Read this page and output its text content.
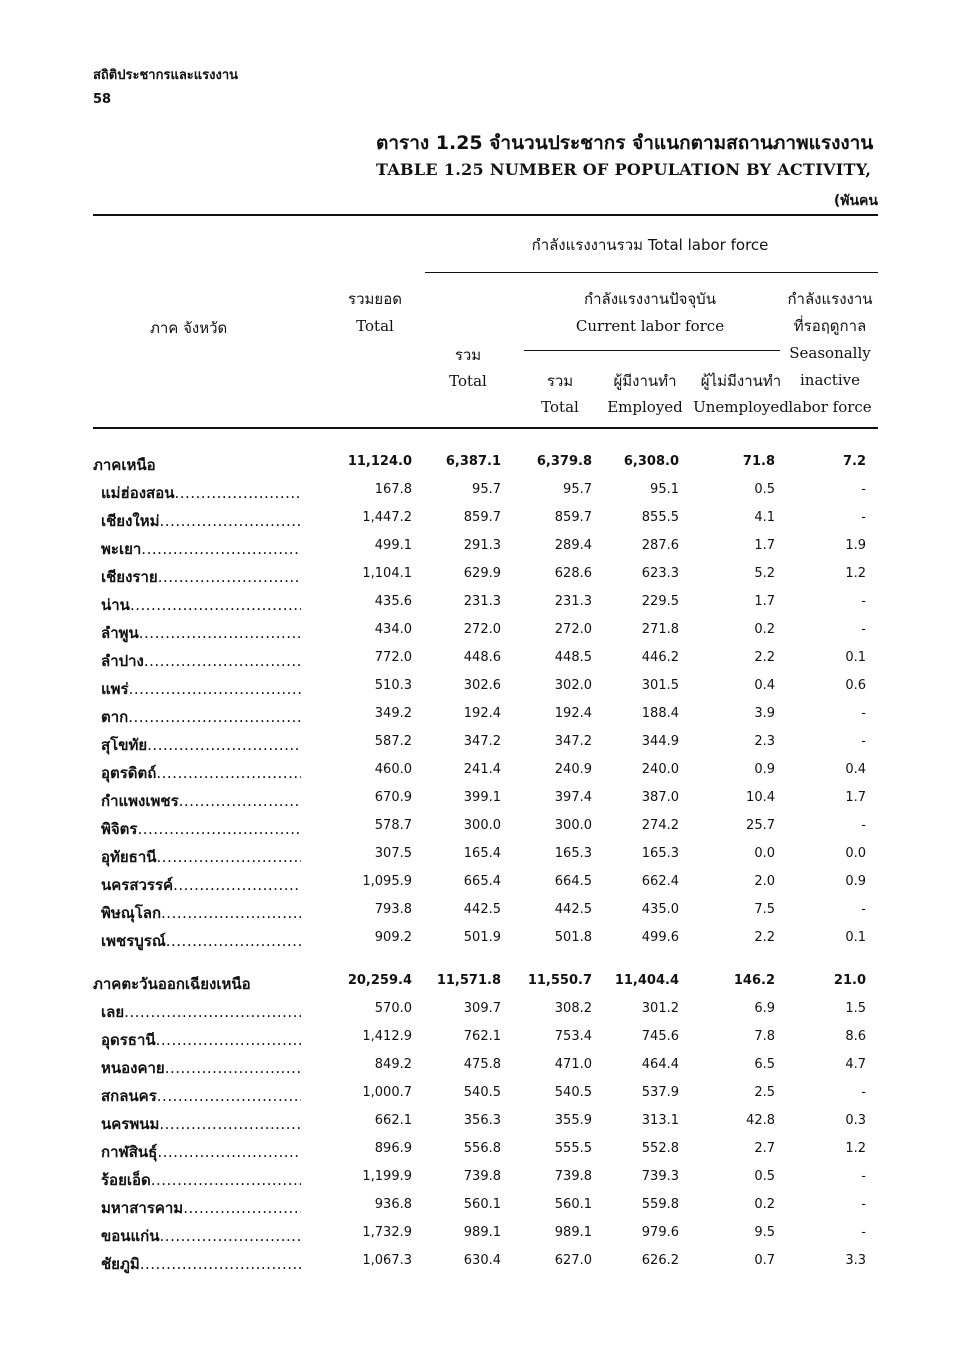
สถิติประชากรและแรงงาน
58
ตาราง 1.25 จำนวนประชากร จำแนกตามสถานภาพแรงงาน
TABLE 1.25 NUMBER OF POPULATION BY ACTIVITY,
(พันคน
ภาค จังหวัด
รวมยอด
Total
กำลังแรงงานรวม Total labor force
รวม
Total
กำลังแรงงานปัจจุบัน
Current labor force
รวม
Total
ผู้มีงานทำ
Employed
ผู้ไม่มีงานทำ
Unemployed
กำลังแรงงาน
ที่รอฤดูกาล
Seasonally
inactive
labor force
ภาคเหนือ	11,124.0	6,387.1	6,379.8 6,308.0	71.8	7.2
แม่ฮ่องสอน .....	167.8	95.7	95.7	95.1	0.5	-
เชียงใหม่ .....	1,447.2	859.7	859.7	855.5	4.1	-
พะเยา .....	499.1	291.3	289.4	287.6	1.7	1.9
เชียงราย .....	1,104.1	629.9	628.6	623.3	5.2	1.2
น่าน .....	435.6	231.3	231.3	229.5	1.7	-
ลำพูน .....	434.0	272.0	272.0	271.8	0.2	-
ลำปาง .....	772.0	448.6	448.5	446.2	2.2	0.1
แพร่ .....	510.3	302.6	302.0	301.5	0.4	0.6
ตาก .....	349.2	192.4	192.4	188.4	3.9	-
สุโขทัย .....	587.2	347.2	347.2	344.9	2.3	-
อุตรดิตถ์ .....	460.0	241.4	240.9	240.0	0.9	0.4
กำแพงเพชร .....	670.9	399.1	397.4	387.0	10.4	1.7
พิจิตร .....	578.7	300.0	300.0	274.2	25.7	-
อุทัยธานี .....	307.5	165.4	165.3	165.3	0.0	0.0
นครสวรรค์ .....	1,095.9	665.4	664.5	662.4	2.0	0.9
พิษณุโลก .....	793.8	442.5	442.5	435.0	7.5	-
เพชรบูรณ์ .....	909.2	501.9	501.8	499.6	2.2	0.1
ภาคตะวันออกเฉียงเหนือ	20,259.4 11,571.8 11,550.7 11,404.4	146.2	21.0
เลย .....	570.0	309.7	308.2	301.2	6.9	1.5
อุดรธานี .....	1,412.9	762.1	753.4	745.6	7.8	8.6
หนองคาย .....	849.2	475.8	471.0	464.4	6.5	4.7
สกลนคร .....	1,000.7	540.5	540.5	537.9	2.5	-
นครพนม .....	662.1	356.3	355.9	313.1	42.8	0.3
กาฬสินธุ์ .....	896.9	556.8	555.5	552.8	2.7	1.2
ร้อยเอ็ด .....	1,199.9	739.8	739.8	739.3	0.5	-
มหาสารคาม .....	936.8	560.1	560.1	559.8	0.2	-
ขอนแก่น .....	1,732.9	989.1	989.1	979.6	9.5	-
ชัยภูมิ .....	1,067.3	630.4	627.0	626.2	0.7	3.3
